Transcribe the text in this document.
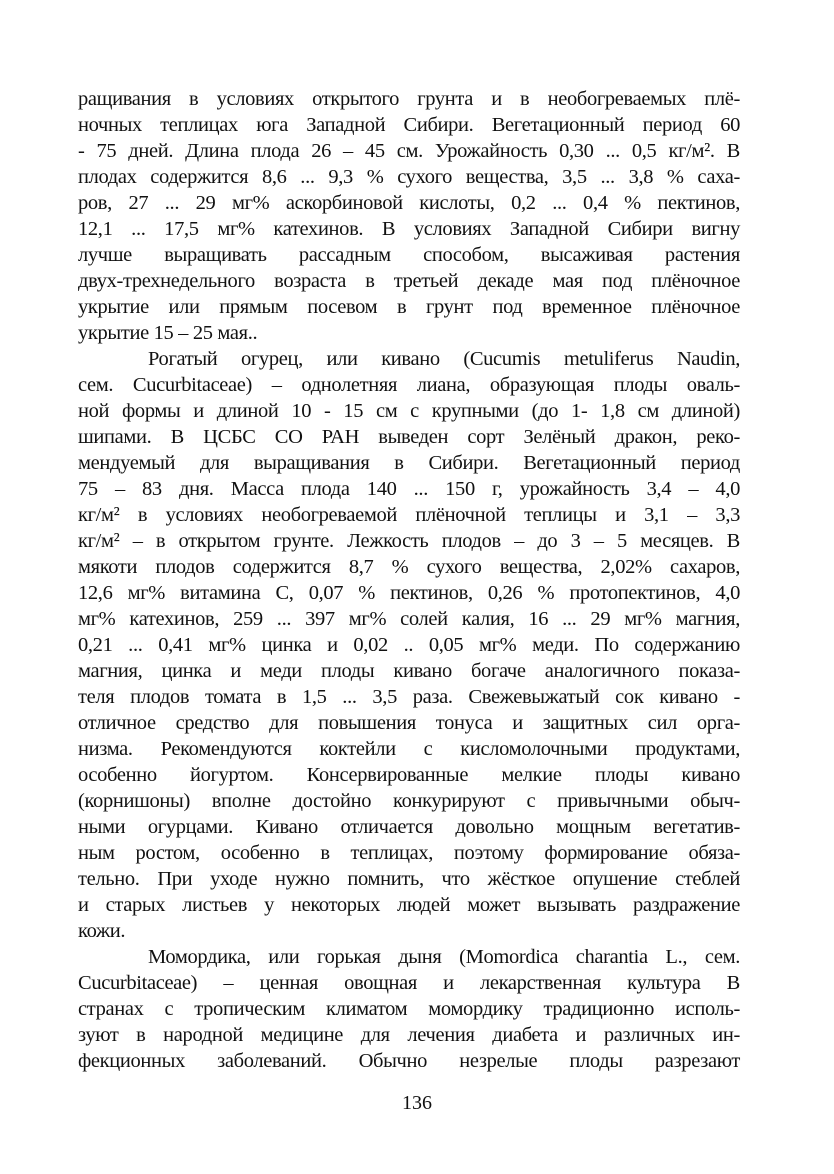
ращивания в условиях открытого грунта и в необогреваемых плё-
ночных теплицах юга Западной Сибири. Вегетационный период 60
- 75 дней. Длина плода 26 – 45 см. Урожайность 0,30 ... 0,5 кг/м². В
плодах содержится 8,6 ... 9,3 % сухого вещества, 3,5 ... 3,8 % саха-
ров, 27 ... 29 мг% аскорбиновой кислоты, 0,2 ... 0,4 % пектинов,
12,1 ... 17,5 мг% катехинов. В условиях Западной Сибири вигну
лучше выращивать рассадным способом, высаживая растения
двух-трехнедельного возраста в третьей декаде мая под плёночное
укрытие или прямым посевом в грунт под временное плёночное
укрытие 15 – 25 мая..
Рогатый огурец, или кивано (Cucumis metuliferus Naudin,
сем. Cucurbitaceae) – однолетняя лиана, образующая плоды оваль-
ной формы и длиной 10 - 15 см с крупными (до 1- 1,8 см длиной)
шипами. В ЦСБС СО РАН выведен сорт Зелёный дракон, реко-
мендуемый для выращивания в Сибири. Вегетационный период
75 – 83 дня. Масса плода 140 ... 150 г, урожайность 3,4 – 4,0
кг/м² в условиях необогреваемой плёночной теплицы и 3,1 – 3,3
кг/м² – в открытом грунте. Лежкость плодов – до 3 – 5 месяцев. В
мякоти плодов содержится 8,7 % сухого вещества, 2,02% сахаров,
12,6 мг% витамина С, 0,07 % пектинов, 0,26 % протопектинов, 4,0
мг% катехинов, 259 ... 397 мг% солей калия, 16 ... 29 мг% магния,
0,21 ... 0,41 мг% цинка и 0,02 .. 0,05 мг% меди. По содержанию
магния, цинка и меди плоды кивано богаче аналогичного показа-
теля плодов томата в 1,5 ... 3,5 раза. Свежевыжатый сок кивано -
отличное средство для повышения тонуса и защитных сил орга-
низма. Рекомендуются коктейли с кисломолочными продуктами,
особенно йогуртом. Консервированные мелкие плоды кивано
(корнишоны) вполне достойно конкурируют с привычными обыч-
ными огурцами. Кивано отличается довольно мощным вегетатив-
ным ростом, особенно в теплицах, поэтому формирование обяза-
тельно. При уходе нужно помнить, что жёсткое опушение стеблей
и старых листьев у некоторых людей может вызывать раздражение
кожи.
Момордика, или горькая дыня (Momordica charantia L., сем.
Cucurbitaceae) – ценная овощная и лекарственная культура В
странах с тропическим климатом момордику традиционно исполь-
зуют в народной медицине для лечения диабета и различных ин-
фекционных заболеваний. Обычно незрелые плоды разрезают
136
